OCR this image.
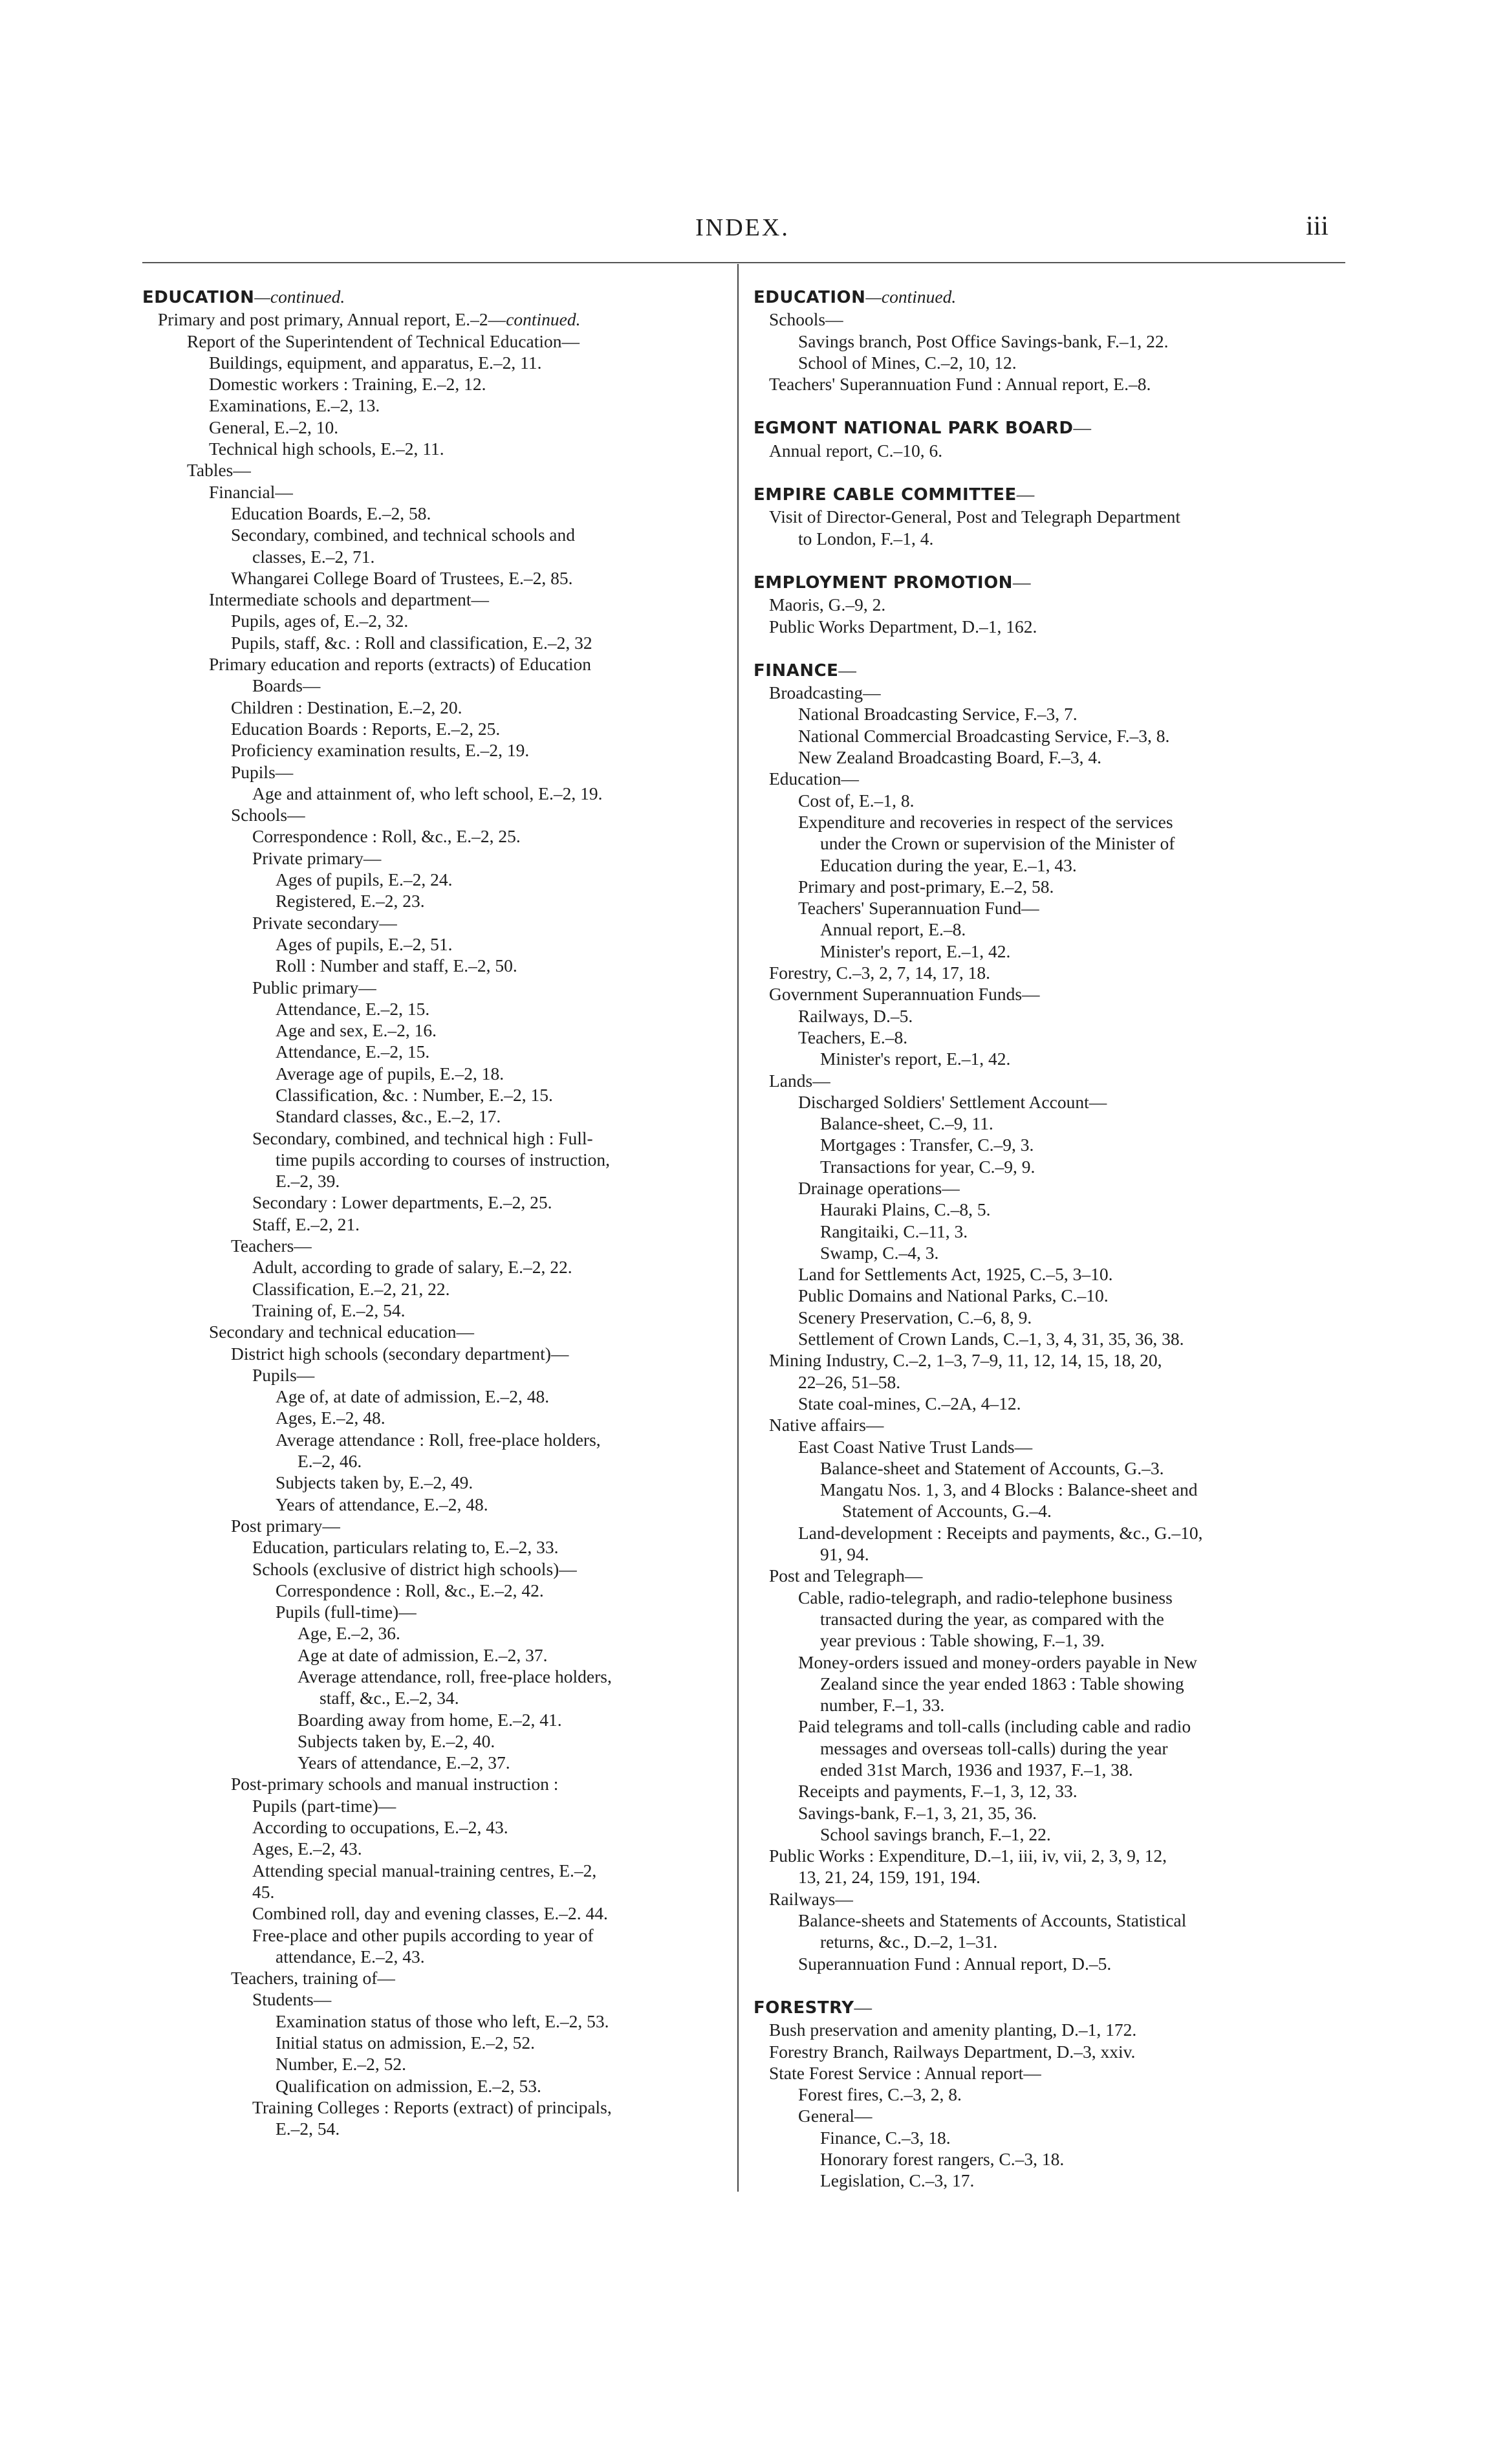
INDEX.	iii
EDUCATION—continued.
Primary and post primary, Annual report, E.–2—continued.
Report of the Superintendent of Technical Education—
Buildings, equipment, and apparatus, E.–2, 11.
Domestic workers : Training, E.–2, 12.
Examinations, E.–2, 13.
General, E.–2, 10.
Technical high schools, E.–2, 11.
Tables—
Financial—
Education Boards, E.–2, 58.
Secondary, combined, and technical schools and
classes, E.–2, 71.
Whangarei College Board of Trustees, E.–2, 85.
Intermediate schools and department—
Pupils, ages of, E.–2, 32.
Pupils, staff, &c. : Roll and classification, E.–2, 32
Primary education and reports (extracts) of Education
Boards—
Children : Destination, E.–2, 20.
Education Boards : Reports, E.–2, 25.
Proficiency examination results, E.–2, 19.
Pupils—
Age and attainment of, who left school, E.–2, 19.
Schools—
Correspondence : Roll, &c., E.–2, 25.
Private primary—
Ages of pupils, E.–2, 24.
Registered, E.–2, 23.
Private secondary—
Ages of pupils, E.–2, 51.
Roll : Number and staff, E.–2, 50.
Public primary—
Attendance, E.–2, 15.
Age and sex, E.–2, 16.
Attendance, E.–2, 15.
Average age of pupils, E.–2, 18.
Classification, &c. : Number, E.–2, 15.
Standard classes, &c., E.–2, 17.
Secondary, combined, and technical high : Full-
time pupils according to courses of instruction,
E.–2, 39.
Secondary : Lower departments, E.–2, 25.
Staff, E.–2, 21.
Teachers—
Adult, according to grade of salary, E.–2, 22.
Classification, E.–2, 21, 22.
Training of, E.–2, 54.
Secondary and technical education—
District high schools (secondary department)—
Pupils—
Age of, at date of admission, E.–2, 48.
Ages, E.–2, 48.
Average attendance : Roll, free-place holders,
E.–2, 46.
Subjects taken by, E.–2, 49.
Years of attendance, E.–2, 48.
Post primary—
Education, particulars relating to, E.–2, 33.
Schools (exclusive of district high schools)—
Correspondence : Roll, &c., E.–2, 42.
Pupils (full-time)—
Age, E.–2, 36.
Age at date of admission, E.–2, 37.
Average attendance, roll, free-place holders,
staff, &c., E.–2, 34.
Boarding away from home, E.–2, 41.
Subjects taken by, E.–2, 40.
Years of attendance, E.–2, 37.
Post-primary schools and manual instruction :
Pupils (part-time)—
According to occupations, E.–2, 43.
Ages, E.–2, 43.
Attending special manual-training centres, E.–2,
45.
Combined roll, day and evening classes, E.–2. 44.
Free-place and other pupils according to year of
attendance, E.–2, 43.
Teachers, training of—
Students—
Examination status of those who left, E.–2, 53.
Initial status on admission, E.–2, 52.
Number, E.–2, 52.
Qualification on admission, E.–2, 53.
Training Colleges : Reports (extract) of principals,
E.–2, 54.
EDUCATION—continued.
Schools—
Savings branch, Post Office Savings-bank, F.–1, 22.
School of Mines, C.–2, 10, 12.
Teachers' Superannuation Fund : Annual report, E.–8.
EGMONT NATIONAL PARK BOARD—
Annual report, C.–10, 6.
EMPIRE CABLE COMMITTEE—
Visit of Director-General, Post and Telegraph Department
to London, F.–1, 4.
EMPLOYMENT PROMOTION—
Maoris, G.–9, 2.
Public Works Department, D.–1, 162.
FINANCE—
Broadcasting—
National Broadcasting Service, F.–3, 7.
National Commercial Broadcasting Service, F.–3, 8.
New Zealand Broadcasting Board, F.–3, 4.
Education—
Cost of, E.–1, 8.
Expenditure and recoveries in respect of the services
under the Crown or supervision of the Minister of
Education during the year, E.–1, 43.
Primary and post-primary, E.–2, 58.
Teachers' Superannuation Fund—
Annual report, E.–8.
Minister's report, E.–1, 42.
Forestry, C.–3, 2, 7, 14, 17, 18.
Government Superannuation Funds—
Railways, D.–5.
Teachers, E.–8.
Minister's report, E.–1, 42.
Lands—
Discharged Soldiers' Settlement Account—
Balance-sheet, C.–9, 11.
Mortgages : Transfer, C.–9, 3.
Transactions for year, C.–9, 9.
Drainage operations—
Hauraki Plains, C.–8, 5.
Rangitaiki, C.–11, 3.
Swamp, C.–4, 3.
Land for Settlements Act, 1925, C.–5, 3–10.
Public Domains and National Parks, C.–10.
Scenery Preservation, C.–6, 8, 9.
Settlement of Crown Lands, C.–1, 3, 4, 31, 35, 36, 38.
Mining Industry, C.–2, 1–3, 7–9, 11, 12, 14, 15, 18, 20,
22–26, 51–58.
State coal-mines, C.–2A, 4–12.
Native affairs—
East Coast Native Trust Lands—
Balance-sheet and Statement of Accounts, G.–3.
Mangatu Nos. 1, 3, and 4 Blocks : Balance-sheet and
Statement of Accounts, G.–4.
Land-development : Receipts and payments, &c., G.–10,
91, 94.
Post and Telegraph—
Cable, radio-telegraph, and radio-telephone business
transacted during the year, as compared with the
year previous : Table showing, F.–1, 39.
Money-orders issued and money-orders payable in New
Zealand since the year ended 1863 : Table showing
number, F.–1, 33.
Paid telegrams and toll-calls (including cable and radio
messages and overseas toll-calls) during the year
ended 31st March, 1936 and 1937, F.–1, 38.
Receipts and payments, F.–1, 3, 12, 33.
Savings-bank, F.–1, 3, 21, 35, 36.
School savings branch, F.–1, 22.
Public Works : Expenditure, D.–1, iii, iv, vii, 2, 3, 9, 12,
13, 21, 24, 159, 191, 194.
Railways—
Balance-sheets and Statements of Accounts, Statistical
returns, &c., D.–2, 1–31.
Superannuation Fund : Annual report, D.–5.
FORESTRY—
Bush preservation and amenity planting, D.–1, 172.
Forestry Branch, Railways Department, D.–3, xxiv.
State Forest Service : Annual report—
Forest fires, C.–3, 2, 8.
General—
Finance, C.–3, 18.
Honorary forest rangers, C.–3, 18.
Legislation, C.–3, 17.
